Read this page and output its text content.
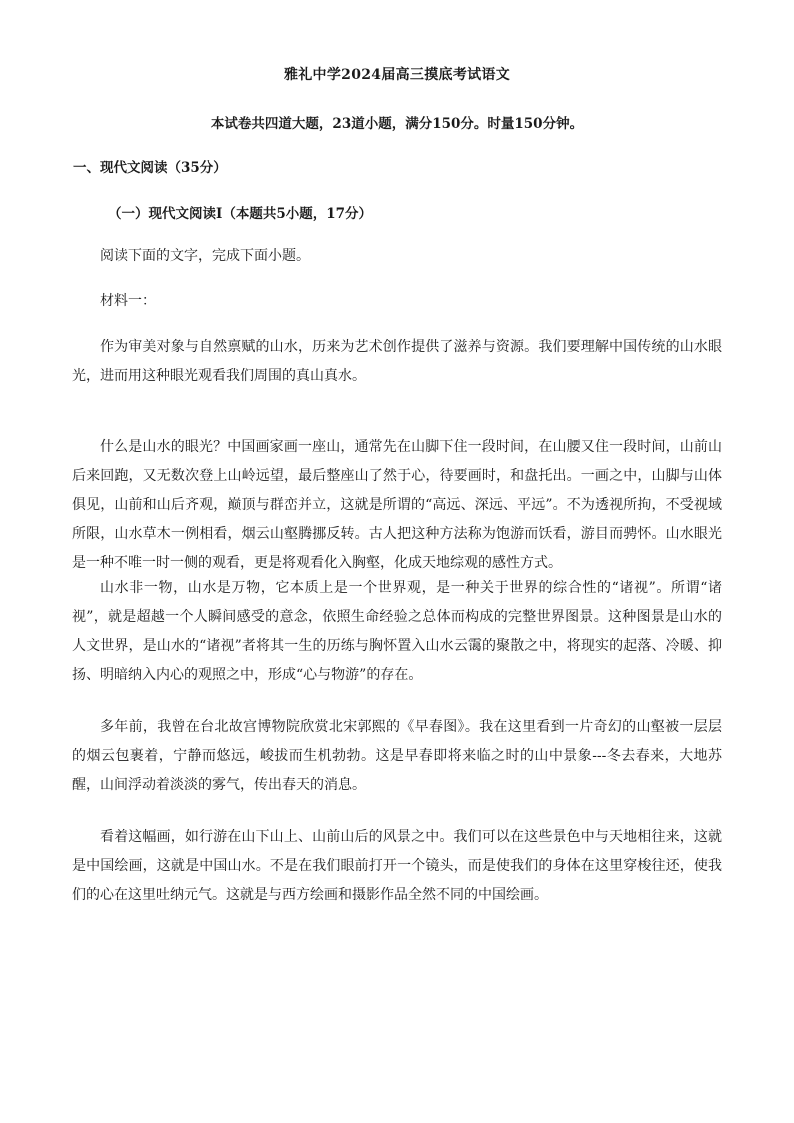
雅礼中学2024届高三摸底考试语文
本试卷共四道大题，23道小题，满分150分。时量150分钟。
一、现代文阅读（35分）
（一）现代文阅读Ⅰ（本题共5小题，17分）
阅读下面的文字，完成下面小题。
材料一：

作为审美对象与自然禀赋的山水，历来为艺术创作提供了滋养与资源。我们要理解中国传统的山水眼光，进而用这种眼光观看我们周围的真山真水。

什么是山水的眼光？中国画家画一座山，通常先在山脚下住一段时间，在山腰又住一段时间，山前山后来回跑，又无数次登上山岭远望，最后整座山了然于心，待要画时，和盘托出。一画之中，山脚与山体俱见，山前和山后齐观，巅顶与群峦并立，这就是所谓的“高远、深远、平远”。不为透视所拘，不受视域所限，山水草木一例相看，烟云山壑腾挪反转。古人把这种方法称为饱游而饫看，游目而骋怀。山水眼光是一种不唯一时一侧的观看，更是将观看化入胸壑，化成天地综观的感性方式。

山水非一物，山水是万物，它本质上是一个世界观，是一种关于世界的综合性的“诸视”。所谓“诸视”，就是超越一个人瞬间感受的意念，依照生命经验之总体而构成的完整世界图景。这种图景是山水的人文世界，是山水的“诸视”者将其一生的历练与胸怀置入山水云霭的聚散之中，将现实的起落、冷暖、抑扬、明暗纳入内心的观照之中，形成“心与物游”的存在。

多年前，我曾在台北故宫博物院欣赏北宋郭熙的《早春图》。我在这里看到一片奇幻的山壑被一层层的烟云包裹着，宁静而悠远，峻拔而生机勃勃。这是早春即将来临之时的山中景象---冬去春来，大地苏醒，山间浮动着淡淡的雾气，传出春天的消息。

看着这幅画，如行游在山下山上、山前山后的风景之中。我们可以在这些景色中与天地相往来，这就是中国绘画，这就是中国山水。不是在我们眼前打开一个镜头，而是使我们的身体在这里穿梭往还，使我们的心在这里吐纳元气。这就是与西方绘画和摄影作品全然不同的中国绘画。
